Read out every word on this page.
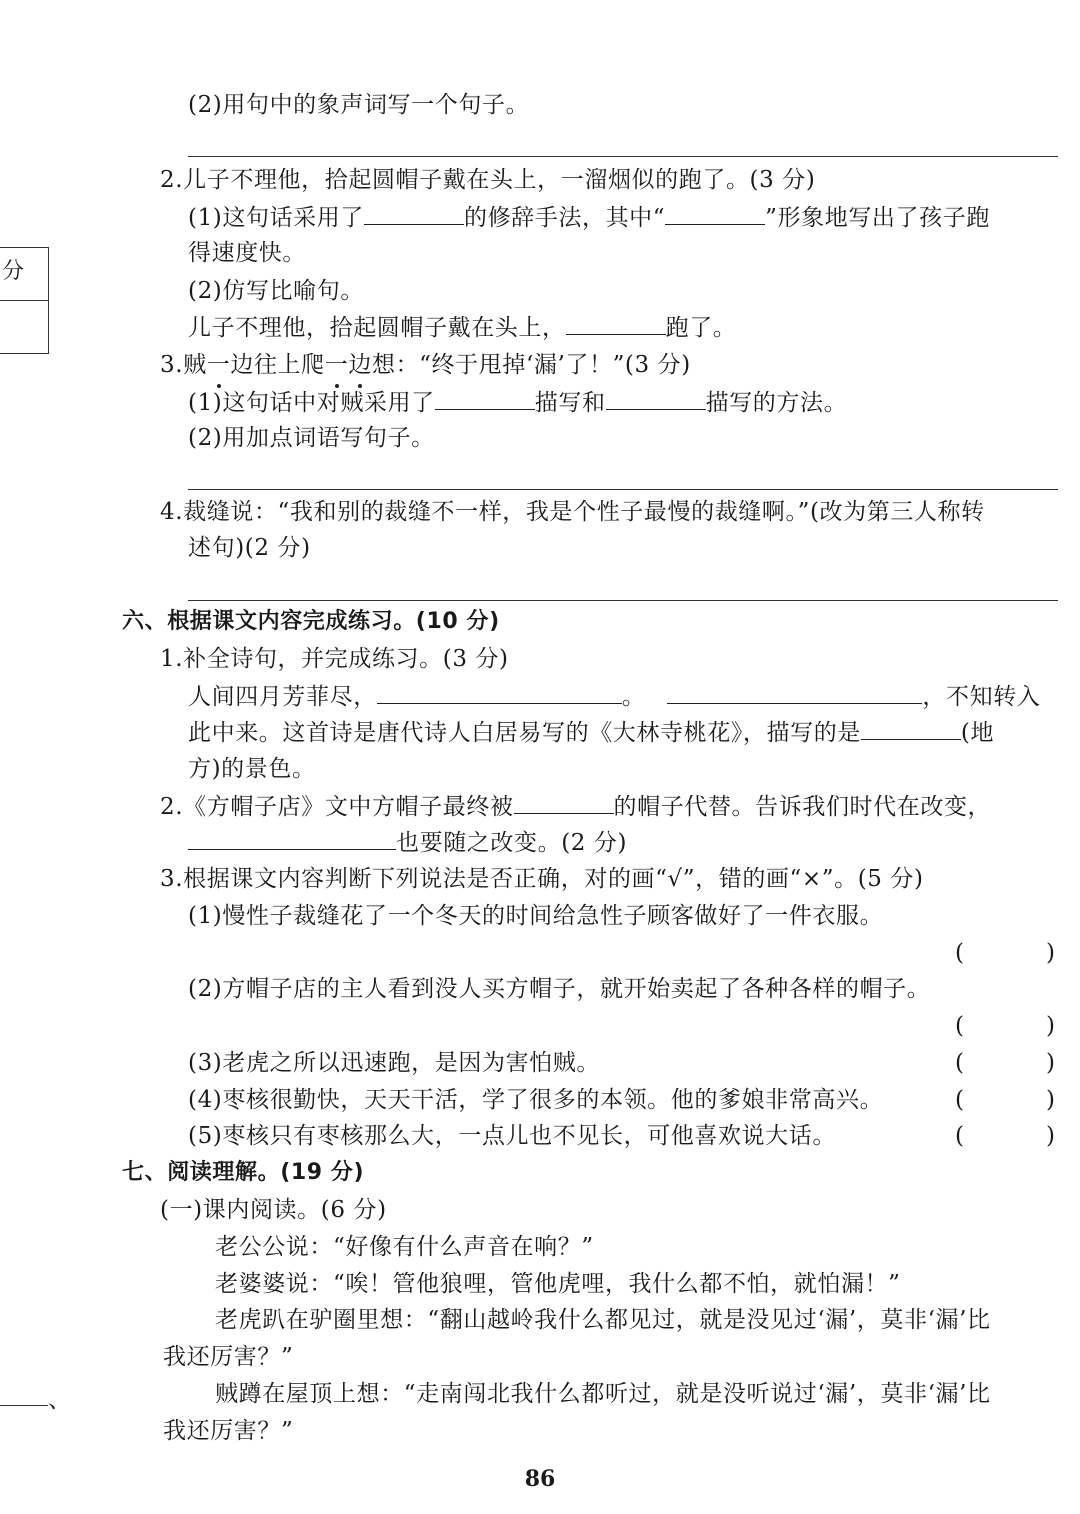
分
(2)用句中的象声词写一个句子。
2.儿子不理他，拾起圆帽子戴在头上，一溜烟似的跑了。(3 分)
(1)这句话采用了	的修辞手法，其中“	”形象地写出了孩子跑
得速度快。
(2)仿写比喻句。
儿子不理他，拾起圆帽子戴在头上，	跑了。
3.贼一边往上爬一边想：“终于甩掉‘漏’了！”(3 分)
(1)这句话中对贼采用了	描写和	描写的方法。
(2)用加点词语写句子。
4.裁缝说：“我和别的裁缝不一样，我是个性子最慢的裁缝啊。”(改为第三人称转
述句)(2 分)
六、根据课文内容完成练习。(10 分)
1.补全诗句，并完成练习。(3 分)
人间四月芳菲尽，	。	，不知转入
此中来。这首诗是唐代诗人白居易写的《大林寺桃花》，描写的是	(地
方)的景色。
2.《方帽子店》文中方帽子最终被	的帽子代替。告诉我们时代在改变，
也要随之改变。(2 分)
3.根据课文内容判断下列说法是否正确，对的画“√”，错的画“×”。(5 分)
(1)慢性子裁缝花了一个冬天的时间给急性子顾客做好了一件衣服。
(	)
(2)方帽子店的主人看到没人买方帽子，就开始卖起了各种各样的帽子。
(	)
(3)老虎之所以迅速跑，是因为害怕贼。	(	)
(4)枣核很勤快，天天干活，学了很多的本领。他的爹娘非常高兴。	(	)
(5)枣核只有枣核那么大，一点儿也不见长，可他喜欢说大话。	(	)
七、阅读理解。(19 分)
(一)课内阅读。(6 分)
老公公说：“好像有什么声音在响？”
老婆婆说：“唉！管他狼哩，管他虎哩，我什么都不怕，就怕漏！”
老虎趴在驴圈里想：“翻山越岭我什么都见过，就是没见过‘漏’，莫非‘漏’比
我还厉害？”
贼蹲在屋顶上想：“走南闯北我什么都听过，就是没听说过‘漏’，莫非‘漏’比
我还厉害？”
、
86
